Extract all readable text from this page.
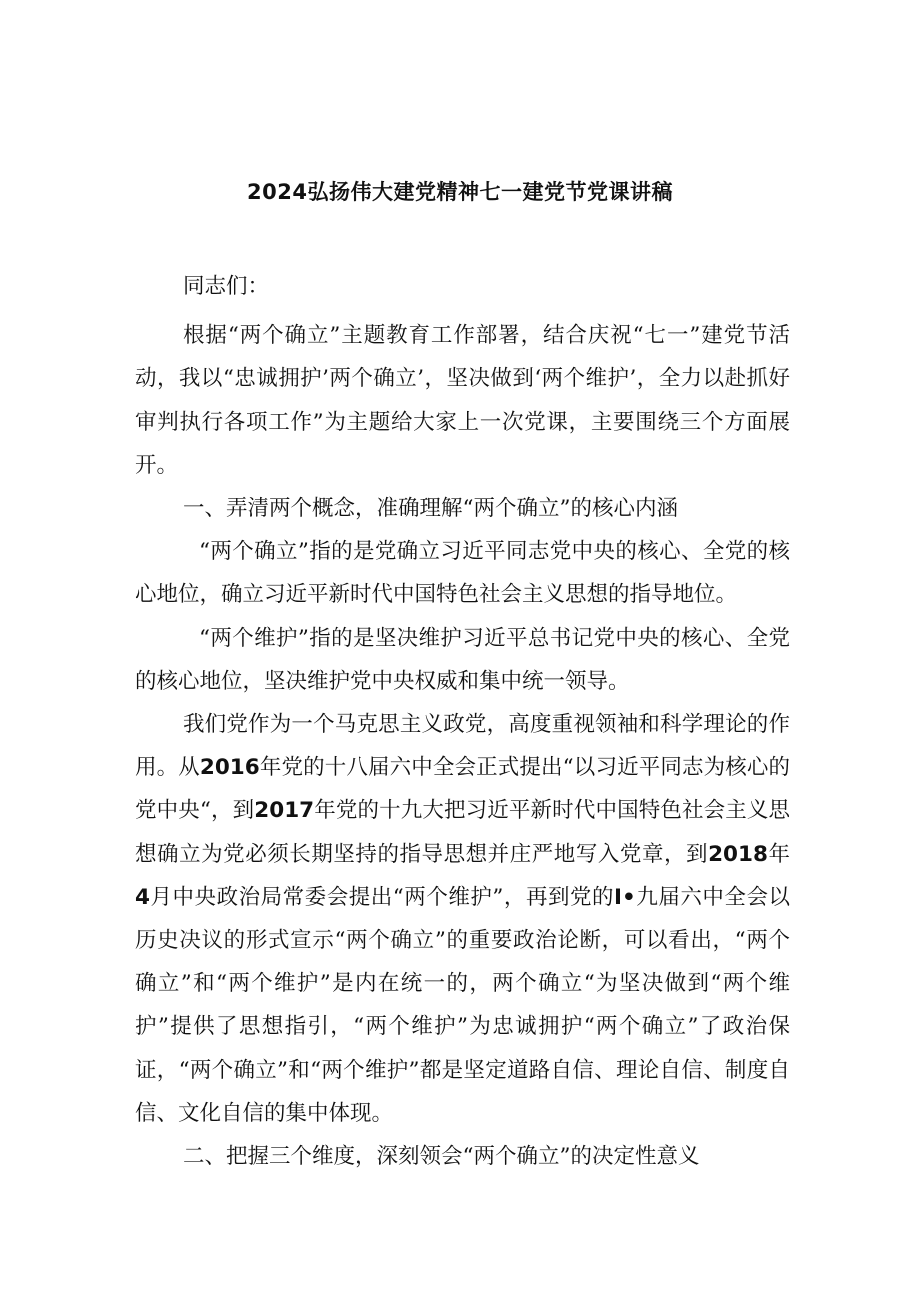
2024弘扬伟大建党精神七一建党节党课讲稿

同志们：

根据“两个确立”主题教育工作部署，结合庆祝“七一”建党节活动，我以“忠诚拥护’两个确立’，坚决做到‘两个维护’，全力以赴抓好审判执行各项工作”为主题给大家上一次党课，主要围绕三个方面展开。

一、弄清两个概念，准确理解“两个确立”的核心内涵

“两个确立”指的是党确立习近平同志党中央的核心、全党的核心地位，确立习近平新时代中国特色社会主义思想的指导地位。

“两个维护”指的是坚决维护习近平总书记党中央的核心、全党的核心地位，坚决维护党中央权威和集中统一领导。

我们党作为一个马克思主义政党，高度重视领袖和科学理论的作用。从2016年党的十八届六中全会正式提出“以习近平同志为核心的党中央“，到2017年党的十九大把习近平新时代中国特色社会主义思想确立为党必须长期坚持的指导思想并庄严地写入党章，到2018年4月中央政治局常委会提出“两个维护”，再到党的I•九届六中全会以历史决议的形式宣示“两个确立”的重要政治论断，可以看出，“两个确立”和“两个维护”是内在统一的，两个确立“为坚决做到“两个维护”提供了思想指引，“两个维护”为忠诚拥护“两个确立”了政治保证，“两个确立”和“两个维护”都是坚定道路自信、理论自信、制度自信、文化自信的集中体现。

二、把握三个维度，深刻领会“两个确立”的决定性意义
